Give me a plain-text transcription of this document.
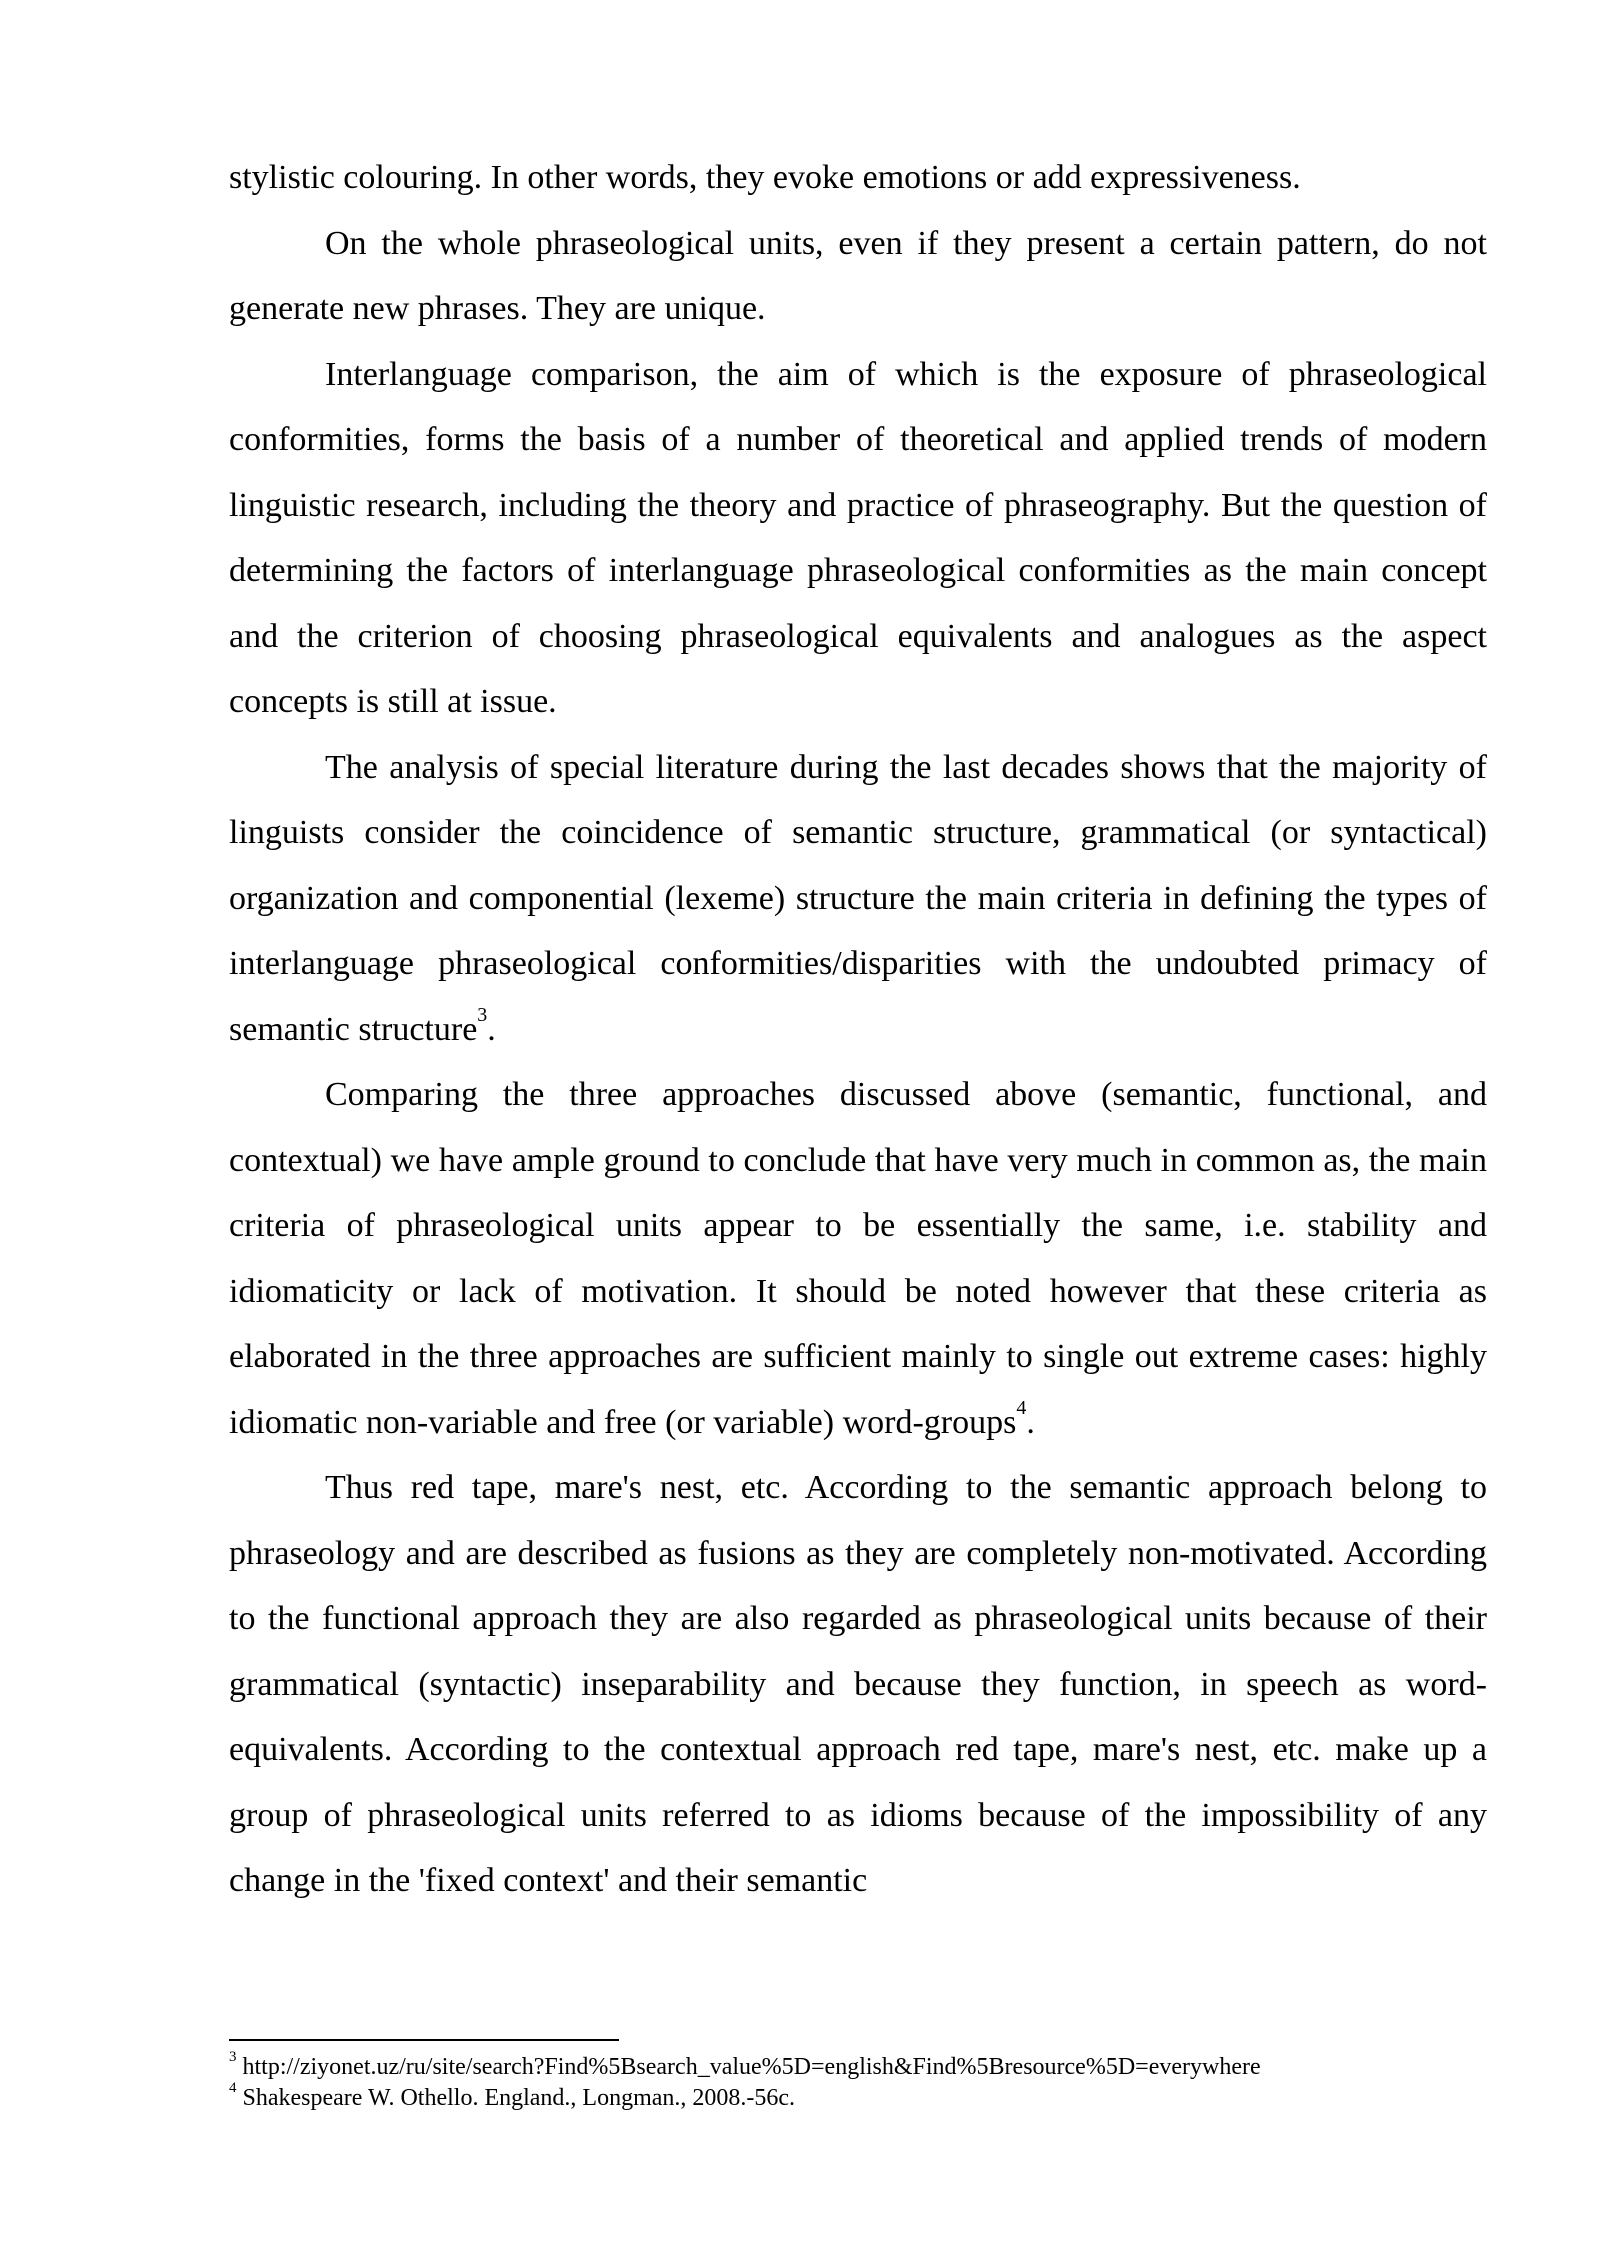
stylistic colouring. In other words, they evoke emotions or add expressiveness.

On the whole phraseological units, even if they present a certain pattern, do not generate new phrases. They are unique.

Interlanguage comparison, the aim of which is the exposure of phraseological conformities, forms the basis of a number of theoretical and applied trends of modern linguistic research, including the theory and practice of phraseography. But the question of determining the factors of interlanguage phraseological conformities as the main concept and the criterion of choosing phraseological equivalents and analogues as the aspect concepts is still at issue.

The analysis of special literature during the last decades shows that the majority of linguists consider the coincidence of semantic structure, grammatical (or syntactical) organization and componential (lexeme) structure the main criteria in defining the types of interlanguage phraseological conformities/disparities with the undoubted primacy of semantic structure$^3$.

Comparing the three approaches discussed above (semantic, functional, and contextual) we have ample ground to conclude that have very much in common as, the main criteria of phraseological units appear to be essentially the same, i.e. stability and idiomaticity or lack of motivation. It should be noted however that these criteria as elaborated in the three approaches are sufficient mainly to single out extreme cases: highly idiomatic non-variable and free (or variable) word-groups$^4$.

Thus red tape, mare's nest, etc. According to the semantic approach belong to phraseology and are described as fusions as they are completely non-motivated. According to the functional approach they are also regarded as phraseological units because of their grammatical (syntactic) inseparability and because they function, in speech as word-equivalents. According to the contextual approach red tape, mare's nest, etc. make up a group of phraseological units referred to as idioms because of the impossibility of any change in the 'fixed context' and their semantic

$^3$ http://ziyonet.uz/ru/site/search?Find%5Bsearch_value%5D=english&Find%5Bresource%5D=everywhere

$^4$ Shakespeare W. Othello. England., Longman., 2008.-56c.
